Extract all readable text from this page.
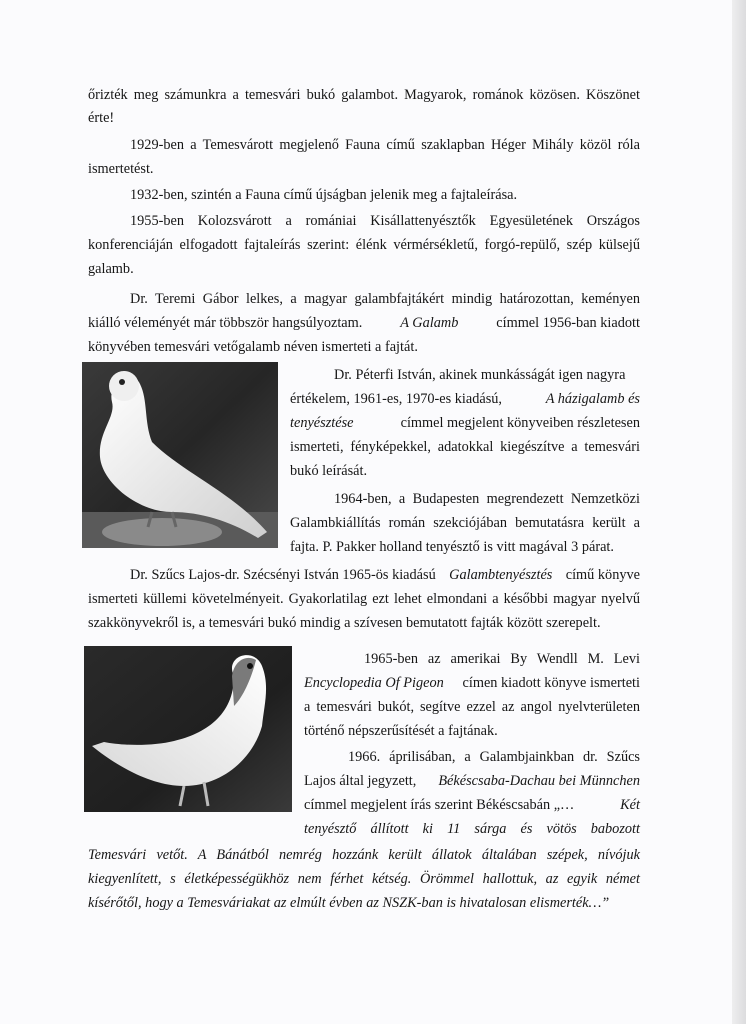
őrizték meg számunkra a temesvári bukó galambot. Magyarok, románok közösen. Köszönet
érte!
1929-ben a Temesvárott megjelenő Fauna című szaklapban Héger Mihály közöl róla
ismertetést.
1932-ben, szintén a Fauna című újságban jelenik meg a fajtaleírása.
1955-ben Kolozsvárott a romániai Kisállattenyésztők Egyesületének Országos
konferenciáján elfogadott fajtaleírás szerint: élénk vérmérsékletű, forgó-repülő, szép külsejű
galamb.
Dr. Teremi Gábor lelkes, a magyar galambfajtákért mindig határozottan, keményen
kiálló véleményét már többször hangsúlyoztam.	A Galamb	címmel 1956-ban kiadott
könyvében temesvári vetőgalamb néven ismerteti a fajtát.
Dr. Péterfi István, akinek munkásságát igen nagyra
értékelem, 1961-es, 1970-es kiadású,	A házigalamb és
tenyésztése	címmel megjelent könyveiben részletesen
ismerteti, fényképekkel, adatokkal kiegészítve a temesvári
bukó leírását.
1964-ben, a Budapesten megrendezett Nemzetközi
Galambkiállítás román szekciójában bemutatásra került a
fajta. P. Pakker holland tenyésztő is vitt magával 3 párat.
Dr. Szűcs Lajos-dr. Szécsényi István 1965-ös kiadású Galambtenyésztés című könyve
ismerteti küllemi követelményeit. Gyakorlatilag ezt lehet elmondani a későbbi magyar nyelvű
szakkönyvekről is, a temesvári bukó mindig a szívesen bemutatott fajták között szerepelt.
1965-ben az amerikai By Wendll M. Levi
Encyclopedia Of Pigeon címen kiadott könyve ismerteti
a temesvári bukót, segítve ezzel az angol nyelvterületen
történő népszerűsítését a fajtának.
1966. áprilisában, a Galambjainkban dr. Szűcs
Lajos által jegyzett, Békéscsaba-Dachau bei Münnchen
címmel megjelent írás szerint Békéscsabán „…	Két
tenyésztő állított ki 11 sárga és vötös babozott
Temesvári vetőt. A Bánátból nemrég hozzánk került állatok általában szépek, nívójuk
kiegyenlített, s életképességükhöz nem férhet kétség. Örömmel hallottuk, az egyik német
kísérőtől, hogy a Temesváriakat az elmúlt évben az NSZK-ban is hivatalosan elismerték…”
